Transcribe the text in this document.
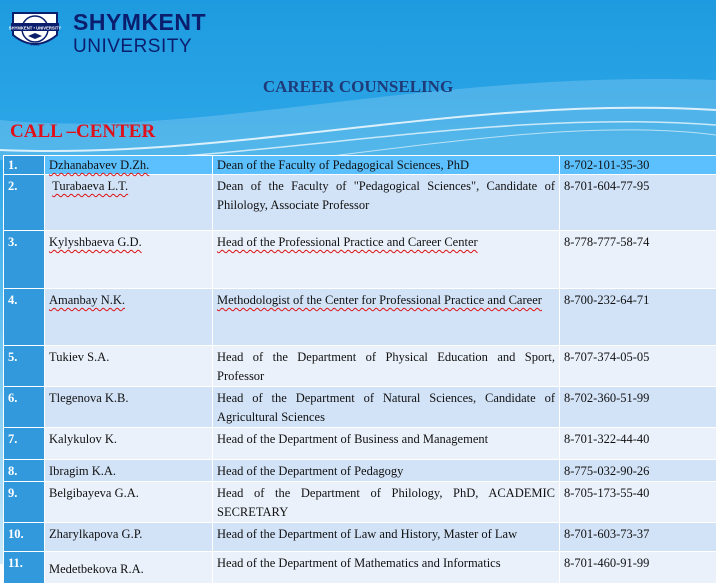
SHYMKENT • UNIVERSITY
1991
SHYMKENT
UNIVERSITY
CAREER COUNSELING
CALL –CENTER
1.	Dzhanabavev D.Zh.	Dean of the Faculty of Pedagogical Sciences, PhD	8-702-101-35-30
2.	Turabaeva L.T.	Dean of the Faculty of "Pedagogical Sciences", Candidate of Philology, Associate Professor	8-701-604-77-95
3.	Kylyshbaeva G.D.	Head of the Professional Practice and Career Center	8-778-777-58-74
4.	Amanbay N.K.	Methodologist of the Center for Professional Practice and Career	8-700-232-64-71
5.	Tukiev S.A.	Head of the Department of Physical Education and Sport, Professor	8-707-374-05-05
6.	Tlegenova K.B.	Head of the Department of Natural Sciences, Candidate of Agricultural Sciences	8-702-360-51-99
7.	Kalykulov K.	Head of the Department of Business and Management	8-701-322-44-40
8.	Ibragim K.A.	Head of the Department of Pedagogy	8-775-032-90-26
9.	Belgibayeva G.A.	Head of the Department of Philology, PhD, ACADEMIC SECRETARY	8-705-173-55-40
10.	Zharylkapova G.P.	Head of the Department of Law and History, Master of Law	8-701-603-73-37
11.	Medetbekova R.A.	Head of the Department of Mathematics and Informatics	8-701-460-91-99
